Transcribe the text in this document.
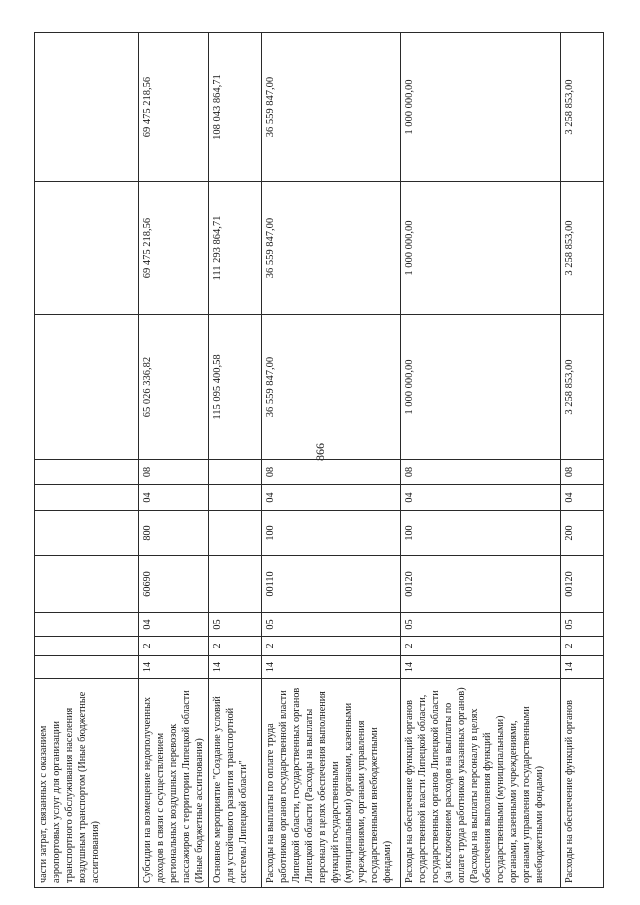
866
части затрат, связанных с оказанием аэропортовых услуг для организации транспортного обслуживания населения воздушным транспортом (Иные бюджетные ассигнования)										
Субсидии на возмещение недополученных доходов в связи с осуществлением региональных воздушных перевозок пассажиров с территории Липецкой области (Иные бюджетные ассигнования)	14	2	04	60690	800	04	08	65 026 336,82	69 475 218,56	69 475 218,56
Основное мероприятие "Создание условий для устойчивого развития транспортной системы Липецкой области"	14	2	05					115 095 400,58	111 293 864,71	108 043 864,71
Расходы на выплаты по оплате труда работников органов государственной власти Липецкой области, государственных органов Липецкой области (Расходы на выплаты персоналу в целях обеспечения выполнения функций государственными (муниципальными) органами, казенными учреждениями, органами управления государственными внебюджетными фондами)	14	2	05	00110	100	04	08	36 559 847,00	36 559 847,00	36 559 847,00
Расходы на обеспечение функций органов государственной власти Липецкой области, государственных органов Липецкой области (за исключением расходов на выплаты по оплате труда работников указанных органов) (Расходы на выплаты персоналу в целях обеспечения выполнения функций государственными (муниципальными) органами, казенными учреждениями, органами управления государственными внебюджетными фондами)	14	2	05	00120	100	04	08	1 000 000,00	1 000 000,00	1 000 000,00
Расходы на обеспечение функций органов	14	2	05	00120	200	04	08	3 258 853,00	3 258 853,00	3 258 853,00
